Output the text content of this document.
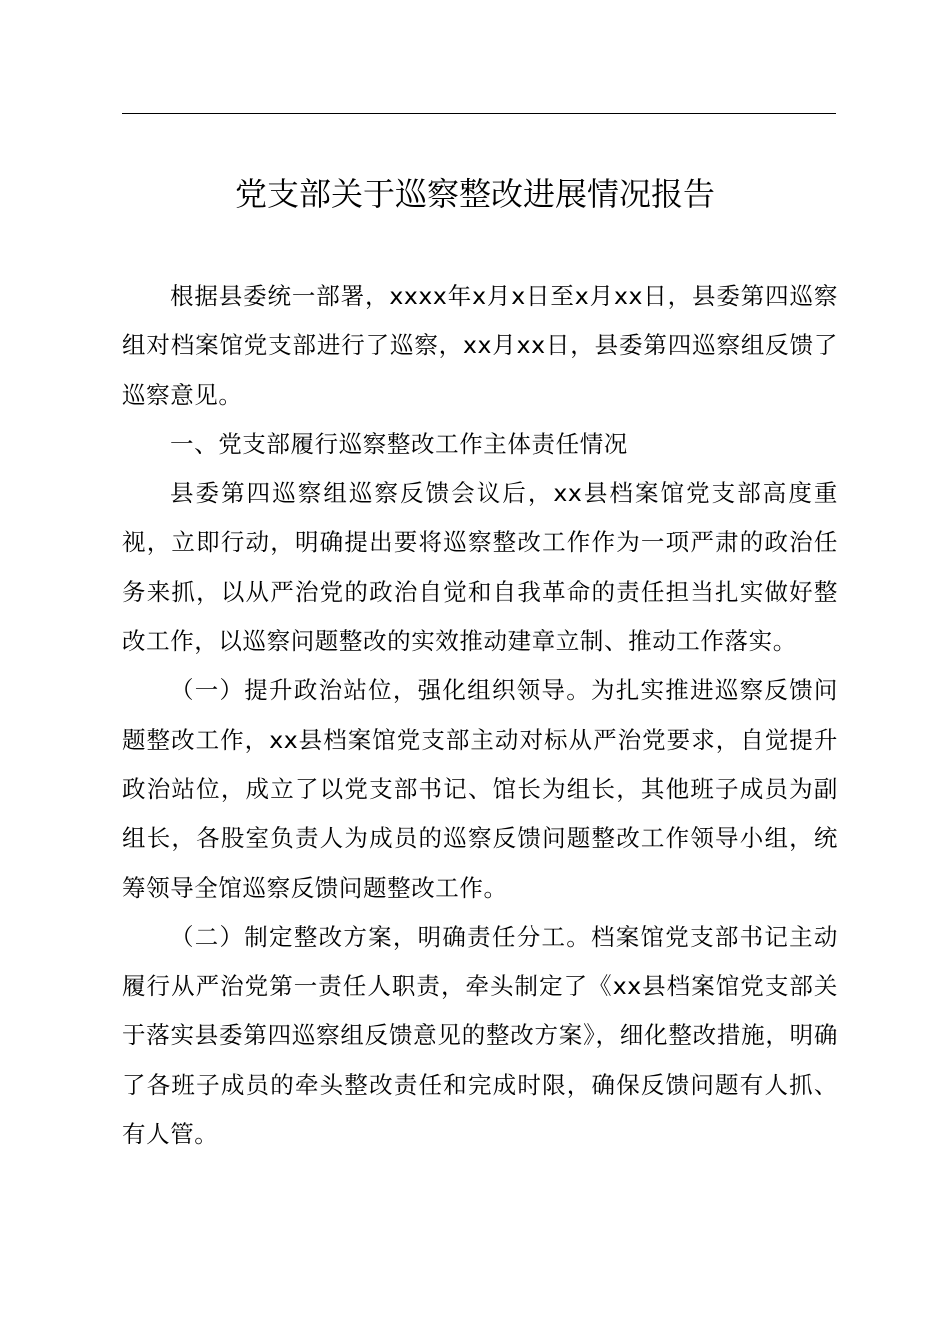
党支部关于巡察整改进展情况报告

根据县委统一部署，xxxx年x月x日至x月xx日，县委第四巡察组对档案馆党支部进行了巡察，xx月xx日，县委第四巡察组反馈了巡察意见。

一、党支部履行巡察整改工作主体责任情况

县委第四巡察组巡察反馈会议后，xx县档案馆党支部高度重视，立即行动，明确提出要将巡察整改工作作为一项严肃的政治任务来抓，以从严治党的政治自觉和自我革命的责任担当扎实做好整改工作，以巡察问题整改的实效推动建章立制、推动工作落实。

（一）提升政治站位，强化组织领导。为扎实推进巡察反馈问题整改工作，xx县档案馆党支部主动对标从严治党要求，自觉提升政治站位，成立了以党支部书记、馆长为组长，其他班子成员为副组长，各股室负责人为成员的巡察反馈问题整改工作领导小组，统筹领导全馆巡察反馈问题整改工作。

（二）制定整改方案，明确责任分工。档案馆党支部书记主动履行从严治党第一责任人职责，牵头制定了《xx县档案馆党支部关于落实县委第四巡察组反馈意见的整改方案》，细化整改措施，明确了各班子成员的牵头整改责任和完成时限，确保反馈问题有人抓、有人管。
